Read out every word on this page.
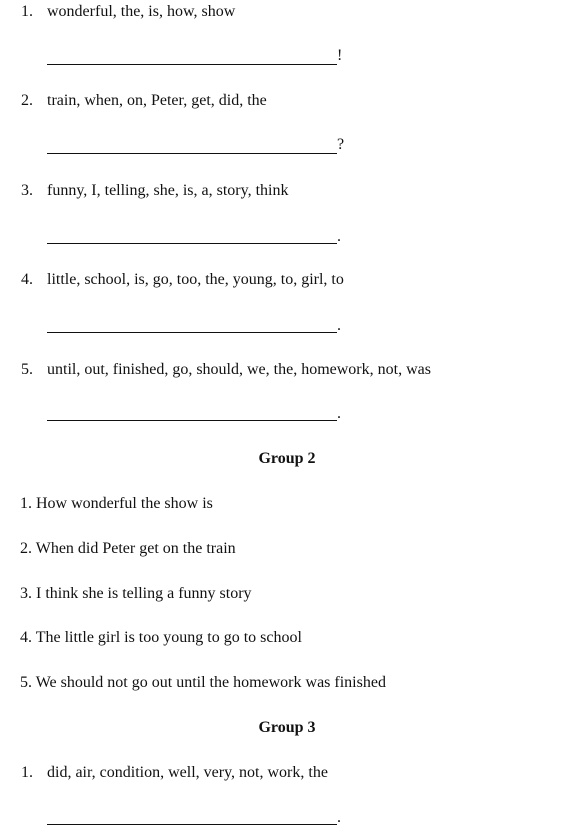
1. wonderful, the, is, how, show
!
2. train, when, on, Peter, get, did, the
?
3. funny, I, telling, she, is, a, story, think
.
4. little, school, is, go, too, the, young, to, girl, to
.
5. until, out, finished, go, should, we, the, homework, not, was
.
Group 2
1. How wonderful the show is
2. When did Peter get on the train
3. I think she is telling a funny story
4. The little girl is too young to go to school
5. We should not go out until the homework was finished
Group 3
1. did, air, condition, well, very, not, work, the
.
